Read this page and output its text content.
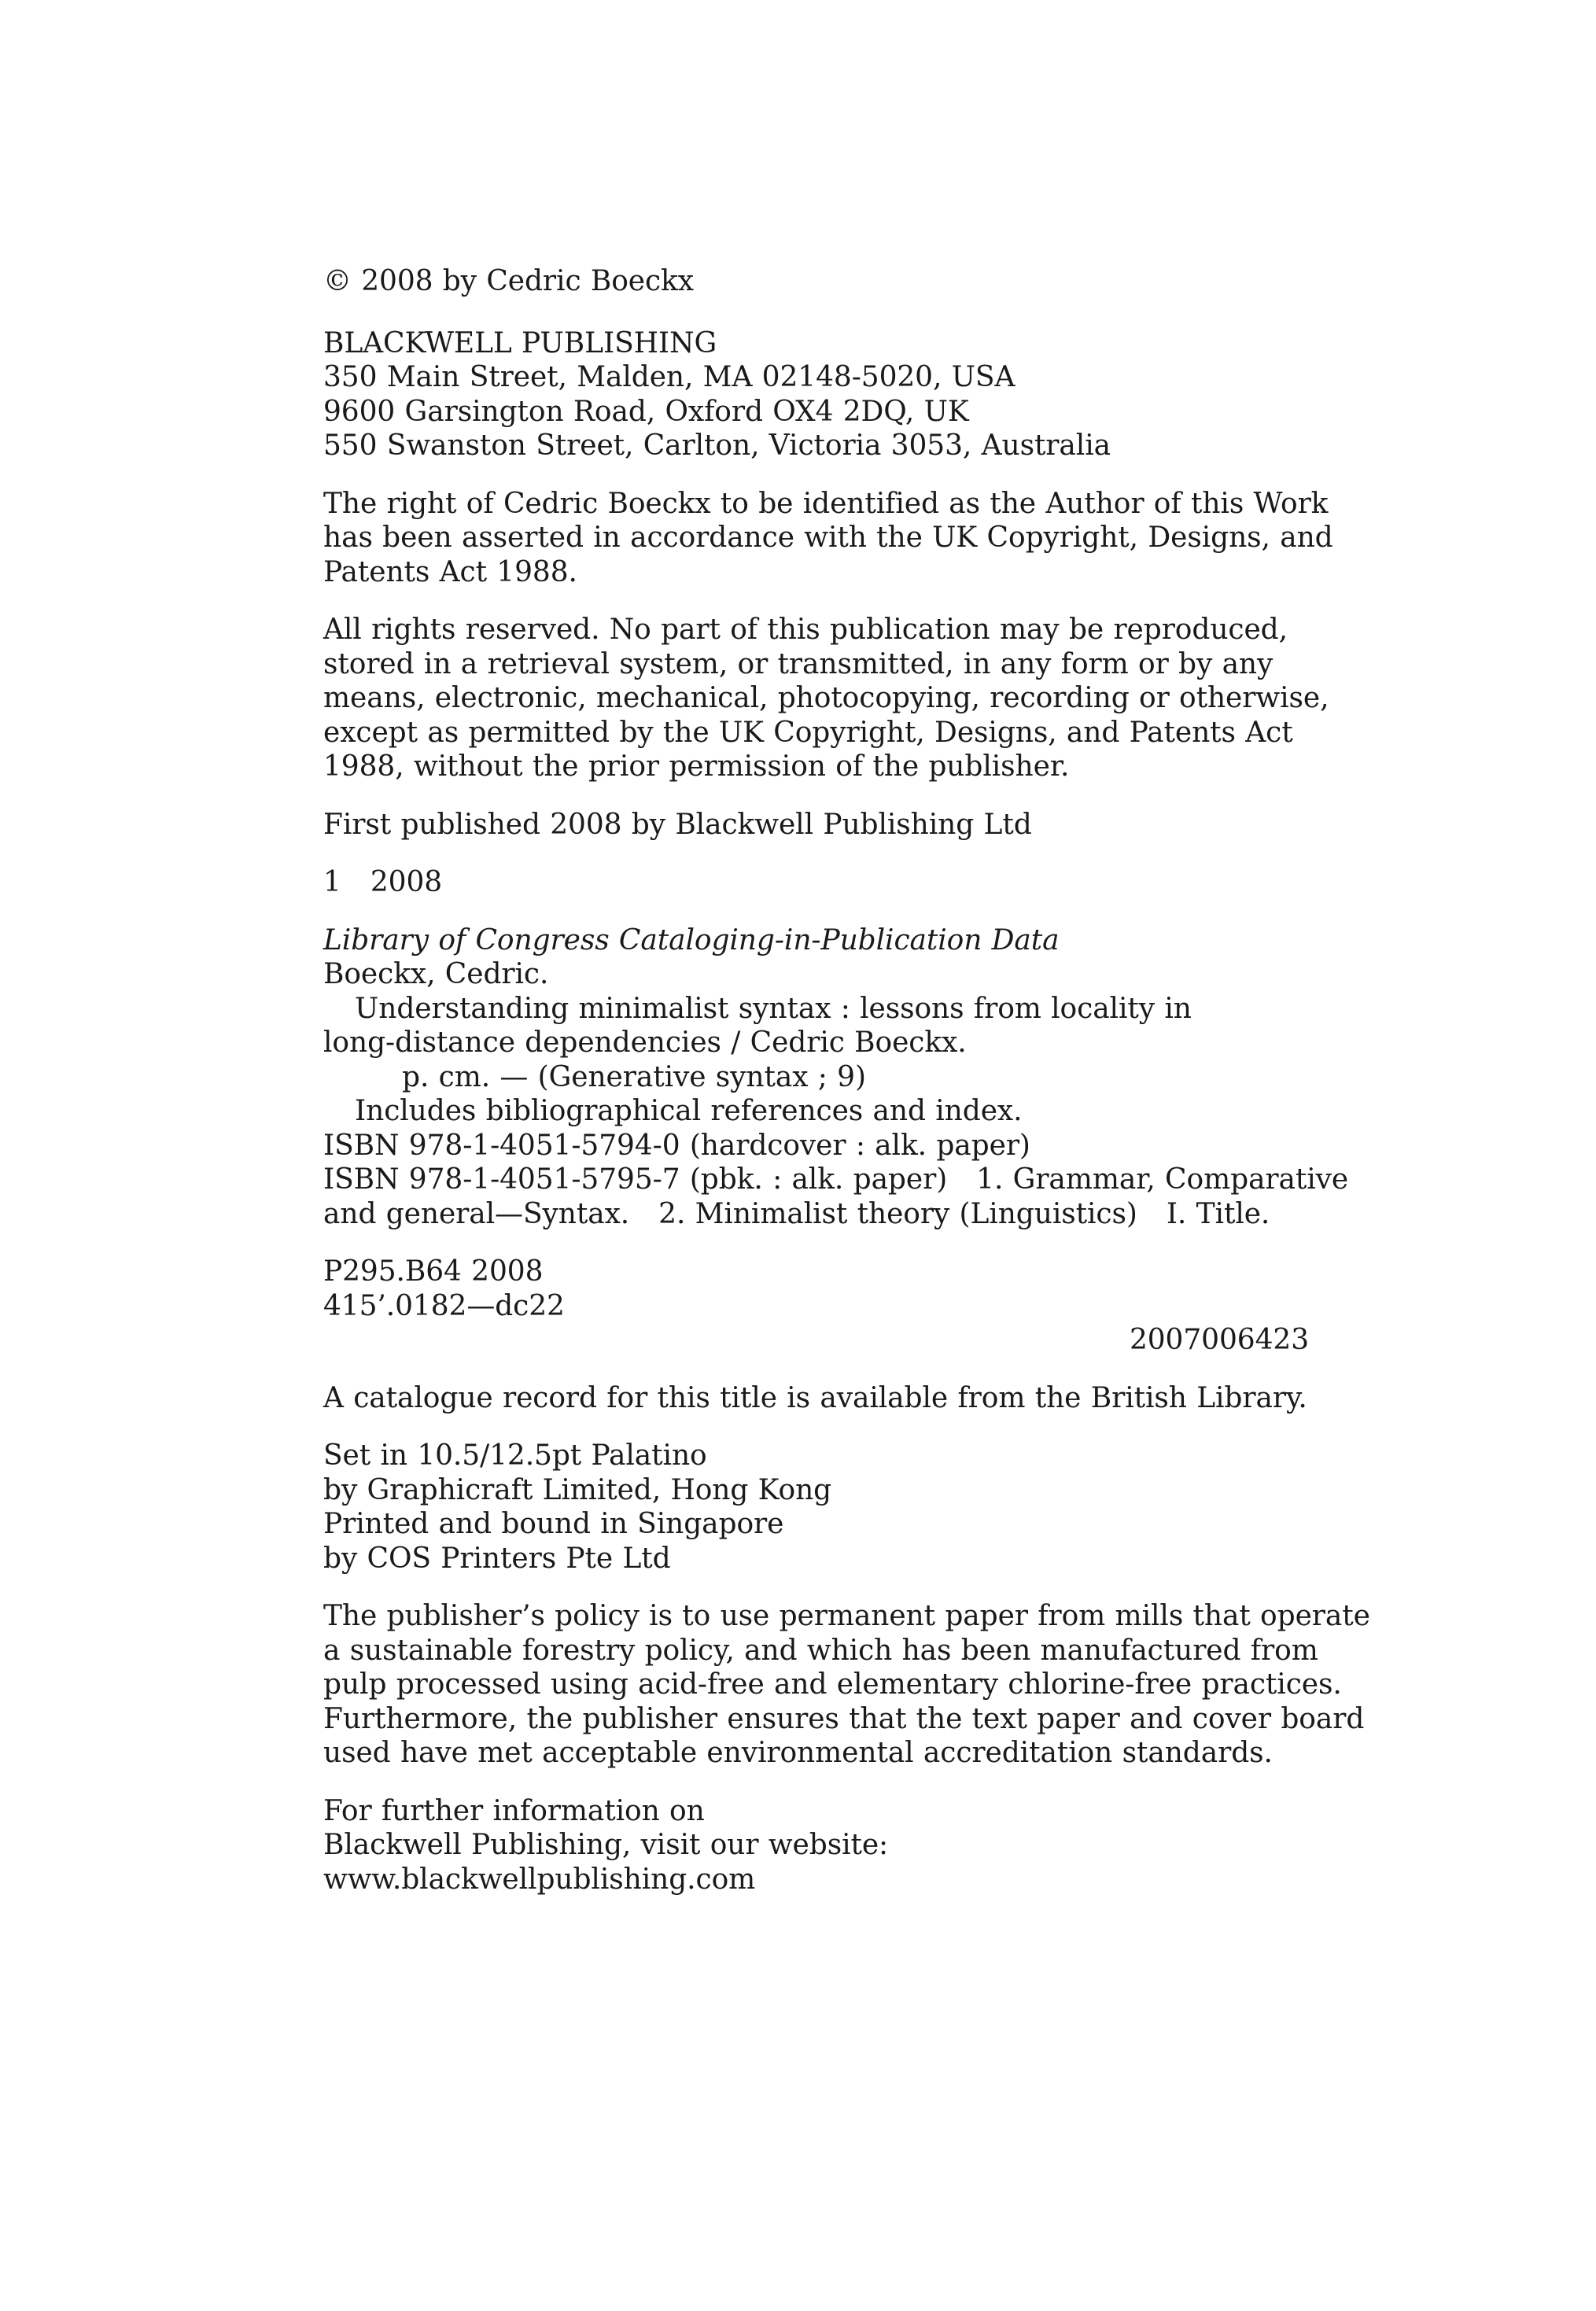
© 2008 by Cedric Boeckx
BLACKWELL PUBLISHING
350 Main Street, Malden, MA 02148-5020, USA
9600 Garsington Road, Oxford OX4 2DQ, UK
550 Swanston Street, Carlton, Victoria 3053, Australia
The right of Cedric Boeckx to be identified as the Author of this Work
has been asserted in accordance with the UK Copyright, Designs, and
Patents Act 1988.
All rights reserved. No part of this publication may be reproduced,
stored in a retrieval system, or transmitted, in any form or by any
means, electronic, mechanical, photocopying, recording or otherwise,
except as permitted by the UK Copyright, Designs, and Patents Act
1988, without the prior permission of the publisher.
First published 2008 by Blackwell Publishing Ltd
1   2008
Library of Congress Cataloging-in-Publication Data
Boeckx, Cedric.
Understanding minimalist syntax : lessons from locality in
long-distance dependencies / Cedric Boeckx.
p. cm. — (Generative syntax ; 9)
Includes bibliographical references and index.
ISBN 978-1-4051-5794-0 (hardcover : alk. paper)
ISBN 978-1-4051-5795-7 (pbk. : alk. paper)   1. Grammar, Comparative
and general—Syntax.   2. Minimalist theory (Linguistics)   I. Title.
P295.B64 2008
415’.0182—dc22
2007006423
A catalogue record for this title is available from the British Library.
Set in 10.5/12.5pt Palatino
by Graphicraft Limited, Hong Kong
Printed and bound in Singapore
by COS Printers Pte Ltd
The publisher’s policy is to use permanent paper from mills that operate
a sustainable forestry policy, and which has been manufactured from
pulp processed using acid-free and elementary chlorine-free practices.
Furthermore, the publisher ensures that the text paper and cover board
used have met acceptable environmental accreditation standards.
For further information on
Blackwell Publishing, visit our website:
www.blackwellpublishing.com
